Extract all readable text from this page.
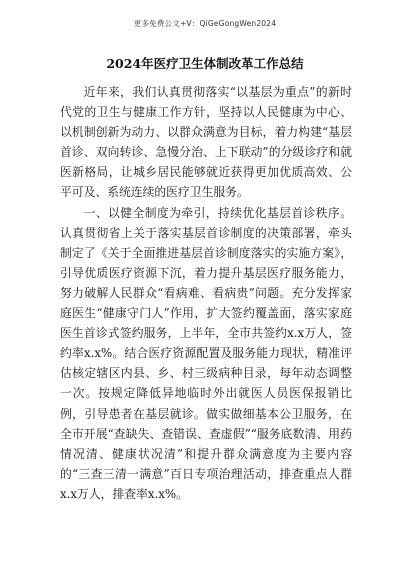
更多免费公文+V：QiGeGongWen2024
2024年医疗卫生体制改革工作总结

近年来，我们认真贯彻落实“以基层为重点”的新时代党的卫生与健康工作方针，坚持以人民健康为中心、以机制创新为动力、以群众满意为目标，着力构建“基层首诊、双向转诊、急慢分治、上下联动”的分级诊疗和就医新格局，让城乡居民能够就近获得更加优质高效、公平可及、系统连续的医疗卫生服务。

一、以健全制度为牵引，持续优化基层首诊秩序。认真贯彻省上关于落实基层首诊制度的决策部署，牵头制定了《关于全面推进基层首诊制度落实的实施方案》，引导优质医疗资源下沉，着力提升基层医疗服务能力，努力破解人民群众“看病难、看病贵”问题。充分发挥家庭医生“健康守门人”作用，扩大签约覆盖面，落实家庭医生首诊式签约服务，上半年，全市共签约x.x万人，签约率x.x%。结合医疗资源配置及服务能力现状，精准评估核定辖区内县、乡、村三级病种目录，每年动态调整一次。按规定降低异地临时外出就医人员医保报销比例，引导患者在基层就诊。做实做细基本公卫服务，在全市开展“查缺失、查错误、查虚假”“服务底数清、用药情况清、健康状况清”和提升群众满意度为主要内容的“三查三清一满意”百日专项治理活动，排查重点人群x.x万人，排查率x.x%。
